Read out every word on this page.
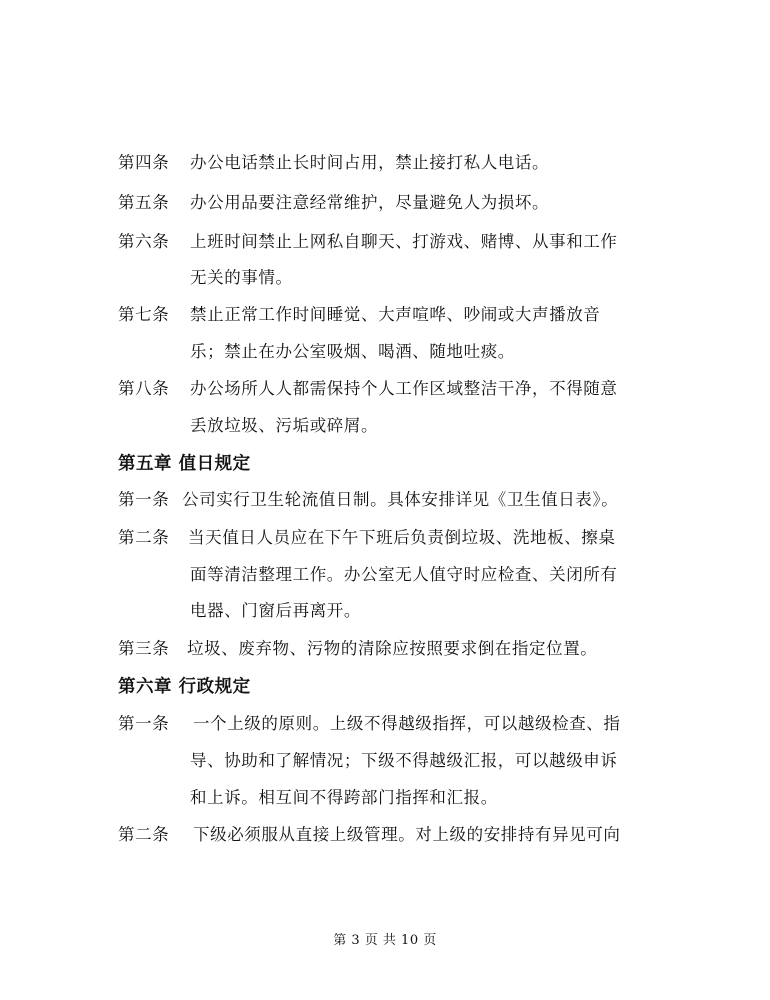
第四条 办公电话禁止长时间占用，禁止接打私人电话。
第五条 办公用品要注意经常维护，尽量避免人为损坏。
第六条 上班时间禁止上网私自聊天、打游戏、赌博、从事和工作
无关的事情。
第七条 禁止正常工作时间睡觉、大声喧哗、吵闹或大声播放音
乐；禁止在办公室吸烟、喝酒、随地吐痰。
第八条 办公场所人人都需保持个人工作区域整洁干净，不得随意
丢放垃圾、污垢或碎屑。
第五章 值日规定
第一条 公司实行卫生轮流值日制。具体安排详见《卫生值日表》。
第二条 当天值日人员应在下午下班后负责倒垃圾、洗地板、擦桌
面等清洁整理工作。办公室无人值守时应检查、关闭所有
电器、门窗后再离开。
第三条 垃圾、废弃物、污物的清除应按照要求倒在指定位置。
第六章 行政规定
第一条 一个上级的原则。上级不得越级指挥，可以越级检查、指
导、协助和了解情况；下级不得越级汇报，可以越级申诉
和上诉。相互间不得跨部门指挥和汇报。
第二条 下级必须服从直接上级管理。对上级的安排持有异见可向
第 3 页 共 10 页
